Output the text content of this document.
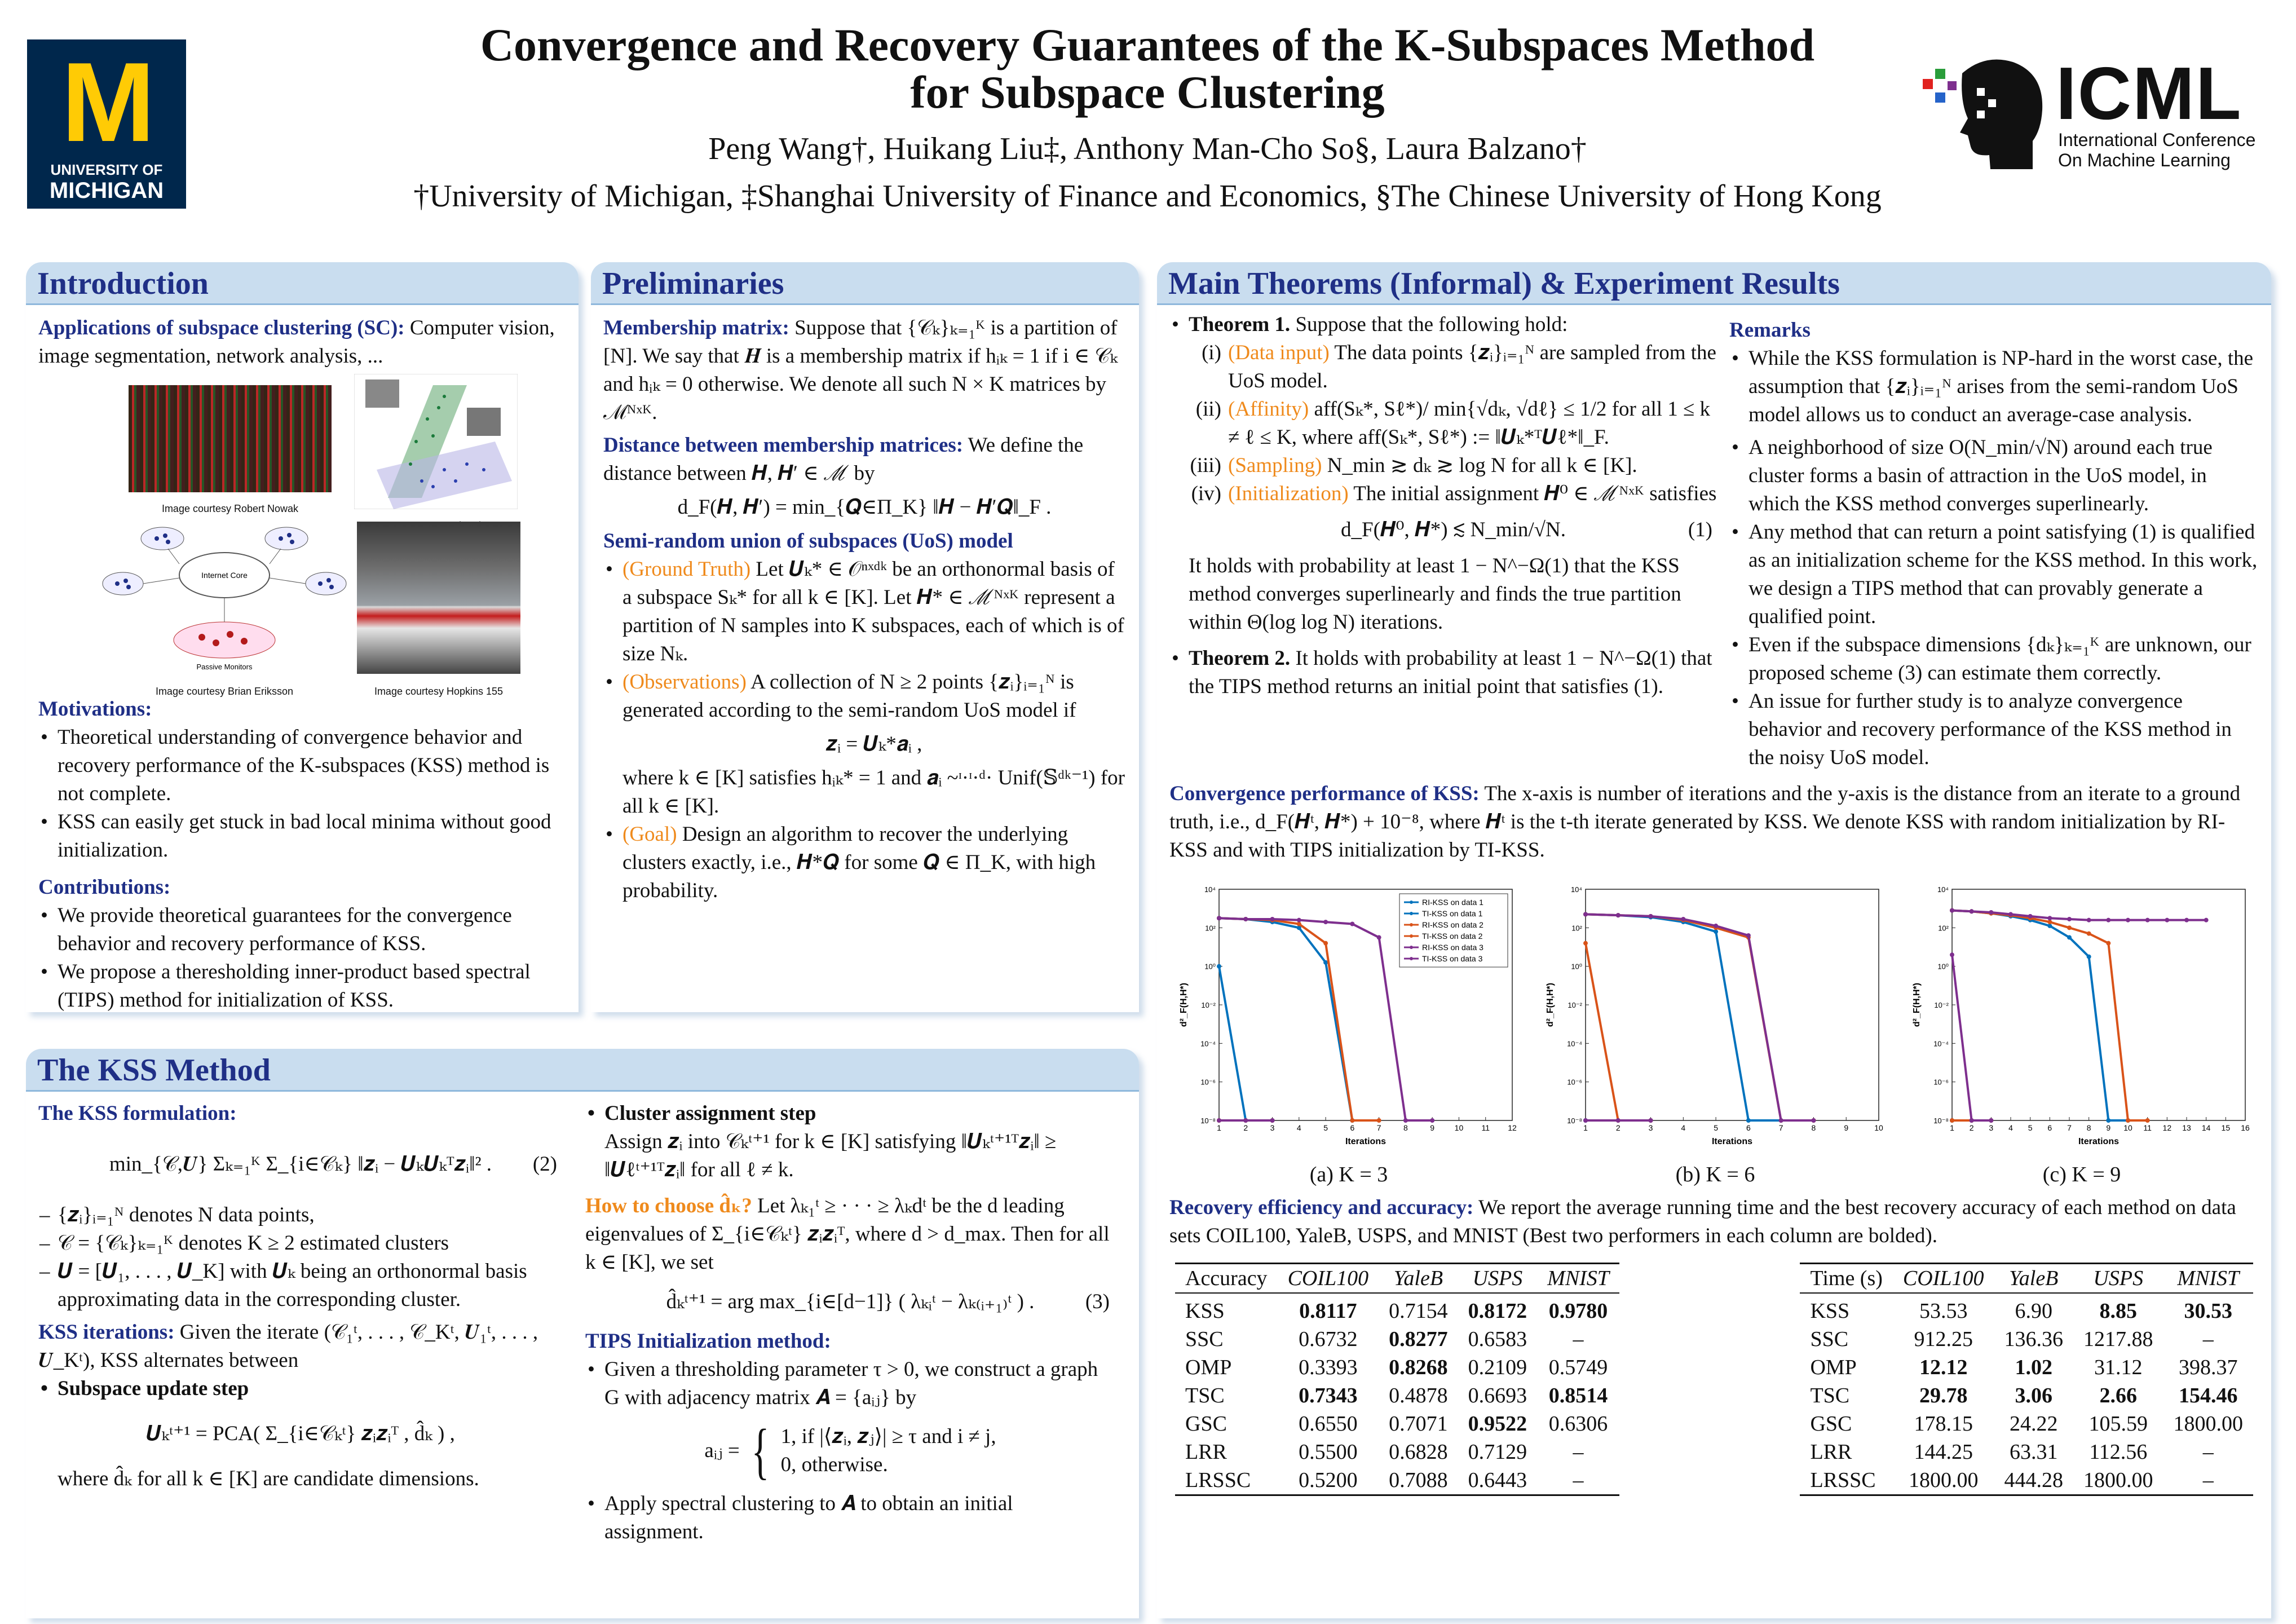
M
UNIVERSITY OF
MICHIGAN
Convergence and Recovery Guarantees of the K-Subspaces Method
for Subspace Clustering
Peng Wang†, Huikang Liu‡, Anthony Man-Cho So§, Laura Balzano†
†University of Michigan, ‡Shanghai University of Finance and Economics, §The Chinese University of Hong Kong
ICML
International Conference
On Machine Learning
Introduction
Applications of subspace clustering (SC): Computer vision, image segmentation, network analysis, ...
Image courtesy Robert Nowak
Internet Core
Passive Monitors
Image courtesy Brian Eriksson	Image courtesy Hopkins 155
Motivations:
• Theoretical understanding of convergence behavior and recovery performance of the K-subspaces (KSS) method is not complete.
• KSS can easily get stuck in bad local minima without good initialization.
Contributions:
• We provide theoretical guarantees for the convergence behavior and recovery performance of KSS.
• We propose a theresholding inner-product based spectral (TIPS) method for initialization of KSS.
Preliminaries
Membership matrix: Suppose that {𝒞ₖ}ₖ₌₁ᴷ is a partition of [N]. We say that 𝑯 is a membership matrix if hᵢₖ = 1 if i ∈ 𝒞ₖ and hᵢₖ = 0 otherwise. We denote all such N × K matrices by ℳᴺˣᴷ.
Distance between membership matrices: We define the distance between 𝑯, 𝑯′ ∈ ℳ by
d_F(𝑯, 𝑯′) = min_{𝑸∈Π_K} ‖𝑯 − 𝑯′𝑸‖_F .
Semi-random union of subspaces (UoS) model
• (Ground Truth) Let 𝑼ₖ* ∈ 𝒪ⁿˣᵈᵏ be an orthonormal basis of a subspace Sₖ* for all k ∈ [K]. Let 𝑯* ∈ ℳᴺˣᴷ represent a partition of N samples into K subspaces, each of which is of size Nₖ.
• (Observations) A collection of N ≥ 2 points {𝒛ᵢ}ᵢ₌₁ᴺ is generated according to the semi-random UoS model if
𝒛ᵢ = 𝑼ₖ*𝒂ᵢ ,
where k ∈ [K] satisfies hᵢₖ* = 1 and 𝒂ᵢ ~ᶦ·ᶦ·ᵈ· Unif(𝕊ᵈᵏ⁻¹) for all k ∈ [K].
• (Goal) Design an algorithm to recover the underlying clusters exactly, i.e., 𝑯*𝑸 for some 𝑸 ∈ Π_K, with high probability.
The KSS Method
The KSS formulation:
min_{𝒞,𝑼} Σₖ₌₁ᴷ Σ_{i∈𝒞ₖ} ‖𝒛ᵢ − 𝑼ₖ𝑼ₖᵀ𝒛ᵢ‖² . (2)
– {𝒛ᵢ}ᵢ₌₁ᴺ denotes N data points,
– 𝒞 = {𝒞ₖ}ₖ₌₁ᴷ denotes K ≥ 2 estimated clusters
– 𝑼 = [𝑼₁, . . . , 𝑼_K] with 𝑼ₖ being an orthonormal basis approximating data in the corresponding cluster.
KSS iterations: Given the iterate (𝒞₁ᵗ, . . . , 𝒞_Kᵗ, 𝑼₁ᵗ, . . . , 𝑼_Kᵗ), KSS alternates between
• Subspace update step
𝑼ₖᵗ⁺¹ = PCA( Σ_{i∈𝒞ₖᵗ} 𝒛ᵢ𝒛ᵢᵀ , d̂ₖ ) ,
where d̂ₖ for all k ∈ [K] are candidate dimensions.
• Cluster assignment step
Assign 𝒛ᵢ into 𝒞ₖᵗ⁺¹ for k ∈ [K] satisfying ‖𝑼ₖᵗ⁺¹ᵀ𝒛ᵢ‖ ≥ ‖𝑼ℓᵗ⁺¹ᵀ𝒛ᵢ‖ for all ℓ ≠ k.
How to choose d̂ₖ? Let λₖ₁ᵗ ≥ · · · ≥ λₖdᵗ be the d leading eigenvalues of Σ_{i∈𝒞ₖᵗ} 𝒛ᵢ𝒛ᵢᵀ, where d > d_max. Then for all k ∈ [K], we set
d̂ₖᵗ⁺¹ = arg max_{i∈[d−1]} ( λₖᵢᵗ − λₖ₍ᵢ₊₁₎ᵗ ) . (3)
TIPS Initialization method:
• Given a thresholding parameter τ > 0, we construct a graph G with adjacency matrix 𝑨 = {aᵢⱼ} by
aᵢⱼ = { 1, if |⟨𝒛ᵢ, 𝒛ⱼ⟩| ≥ τ and i ≠ j,
0, otherwise.
• Apply spectral clustering to 𝑨 to obtain an initial assignment.
Main Theorems (Informal) & Experiment Results
• Theorem 1. Suppose that the following hold:
(i) (Data input) The data points {𝒛ᵢ}ᵢ₌₁ᴺ are sampled from the UoS model.
(ii) (Affinity) aff(Sₖ*, Sℓ*)/ min{√dₖ, √dℓ} ≤ 1/2 for all 1 ≤ k ≠ ℓ ≤ K, where aff(Sₖ*, Sℓ*) := ‖𝑼ₖ*ᵀ𝑼ℓ*‖_F.
(iii) (Sampling) N_min ≳ dₖ ≳ log N for all k ∈ [K].
(iv) (Initialization) The initial assignment 𝑯⁰ ∈ ℳᴺˣᴷ satisfies
d_F(𝑯⁰, 𝑯*) ≲ N_min/√N.	(1)
It holds with probability at least 1 − N^−Ω(1) that the KSS method converges superlinearly and finds the true partition within Θ(log log N) iterations.
• Theorem 2. It holds with probability at least 1 − N^−Ω(1) that the TIPS method returns an initial point that satisfies (1).
Remarks
• While the KSS formulation is NP-hard in the worst case, the assumption that {𝒛ᵢ}ᵢ₌₁ᴺ arises from the semi-random UoS model allows us to conduct an average-case analysis.
• A neighborhood of size O(N_min/√N) around each true cluster forms a basin of attraction in the UoS model, in which the KSS method converges superlinearly.
• Any method that can return a point satisfying (1) is qualified as an initialization scheme for the KSS method. In this work, we design a TIPS method that can provably generate a qualified point.
• Even if the subspace dimensions {dₖ}ₖ₌₁ᴷ are unknown, our proposed scheme (3) can estimate them correctly.
• An issue for further study is to analyze convergence behavior and recovery performance of the KSS method in the noisy UoS model.
Convergence performance of KSS: The x-axis is number of iterations and the y-axis is the distance from an iterate to a ground truth, i.e., d_F(𝑯ᵗ, 𝑯*) + 10⁻⁸, where 𝑯ᵗ is the t-th iterate generated by KSS. We denote KSS with random initialization by RI-KSS and with TIPS initialization by TI-KSS.
1	2	3	4	5	6	7	8	9	10 11 12
10⁴
10²
10⁰
10⁻²
10⁻⁴
10⁻⁶
10⁻⁸
Iterations
d²_F(H,H*)
RI-KSS on data 1
TI-KSS on data 1
RI-KSS on data 2
TI-KSS on data 2
RI-KSS on data 3
TI-KSS on data 3
(a) K = 3
1	2	3	4	5	6	7	8	9	10
10⁴
10²
10⁰
10⁻²
10⁻⁴
10⁻⁶
10⁻⁸
Iterations
d²_F(H,H*)
(b) K = 6
1 2 3 4 5 6 7 8 9 10 11 12 13 14 15 16
10⁴
10²
10⁰
10⁻²
10⁻⁴
10⁻⁶
10⁻⁸
Iterations
d²_F(H,H*)
(c) K = 9
Recovery efficiency and accuracy: We report the average running time and the best recovery accuracy of each method on data sets COIL100, YaleB, USPS, and MNIST (Best two performers in each column are bolded).
Accuracy	COIL100	YaleB	USPS	MNIST
KSS	0.8117	0.7154	0.8172	0.9780
SSC	0.6732	0.8277	0.6583	–
OMP	0.3393	0.8268	0.2109	0.5749
TSC	0.7343	0.4878	0.6693	0.8514
GSC	0.6550	0.7071	0.9522	0.6306
LRR	0.5500	0.6828	0.7129	–
LRSSC	0.5200	0.7088	0.6443	–
Time (s)	COIL100	YaleB	USPS	MNIST
KSS	53.53	6.90	8.85	30.53
SSC	912.25	136.36	1217.88	–
OMP	12.12	1.02	31.12	398.37
TSC	29.78	3.06	2.66	154.46
GSC	178.15	24.22	105.59	1800.00
LRR	144.25	63.31	112.56	–
LRSSC	1800.00	444.28	1800.00	–
